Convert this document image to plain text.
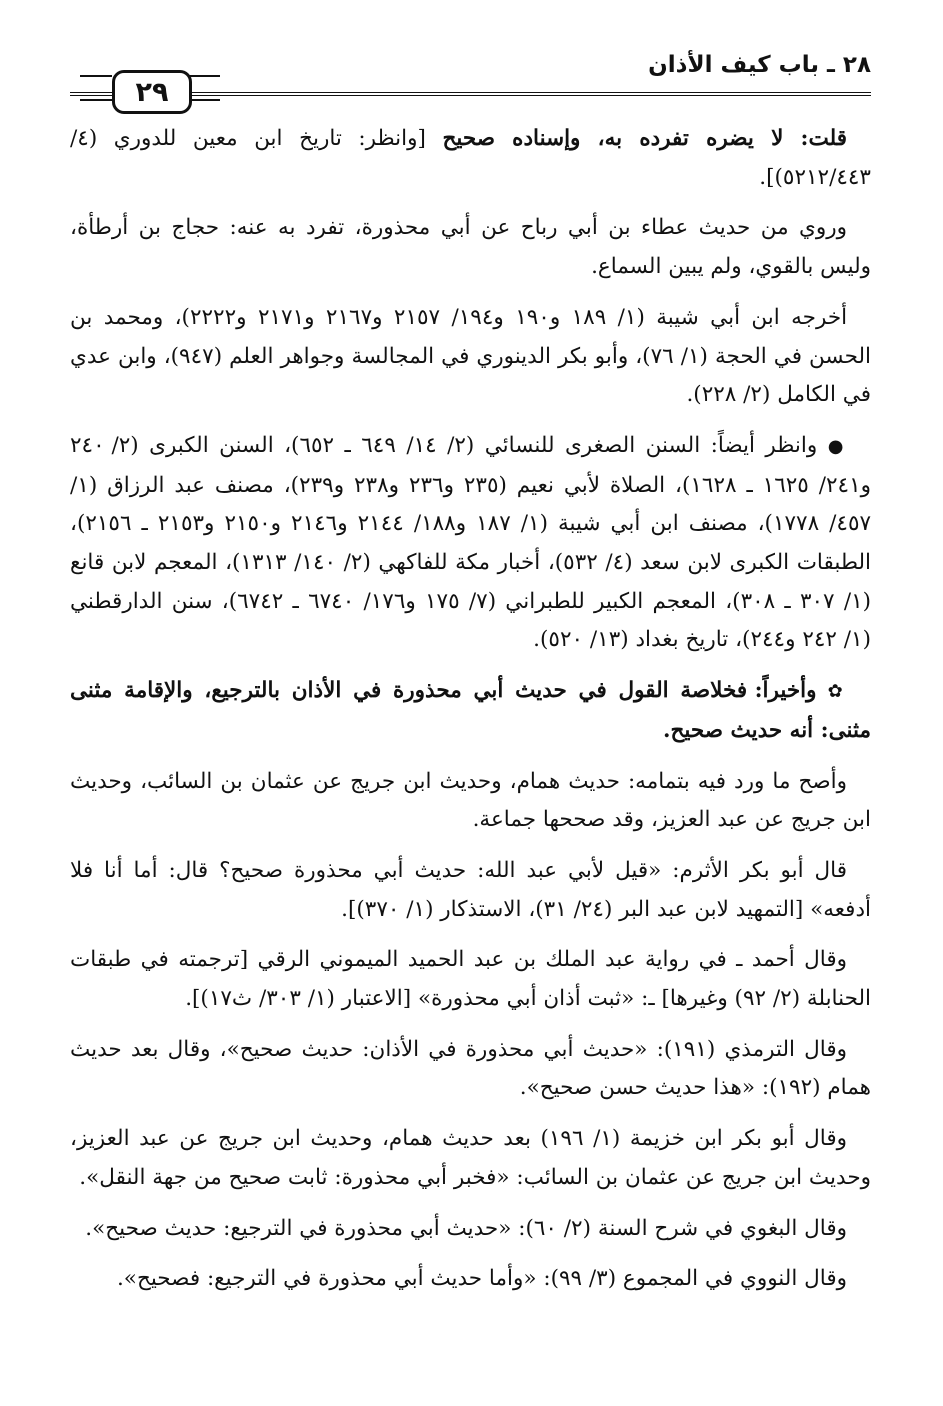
٢٨ ـ باب كيف الأذان
٢٩

قلت: لا يضره تفرده به، وإسناده صحيح [وانظر: تاريخ ابن معين للدوري (٤/ ٥٢١٢/٤٤٣)].

وروي من حديث عطاء بن أبي رباح عن أبي محذورة، تفرد به عنه: حجاج بن أرطأة، وليس بالقوي، ولم يبين السماع.

أخرجه ابن أبي شيبة (١/ ١٨٩ و١٩٠ و١٩٤/ ٢١٥٧ و٢١٦٧ و٢١٧١ و٢٢٢٢)، ومحمد بن الحسن في الحجة (١/ ٧٦)، وأبو بكر الدينوري في المجالسة وجواهر العلم (٩٤٧)، وابن عدي في الكامل (٢/ ٢٢٨).

● وانظر أيضاً: السنن الصغرى للنسائي (٢/ ١٤/ ٦٤٩ ـ ٦٥٢)، السنن الكبرى (٢/ ٢٤٠ و٢٤١/ ١٦٢٥ ـ ١٦٢٨)، الصلاة لأبي نعيم (٢٣٥ و٢٣٦ و٢٣٨ و٢٣٩)، مصنف عبد الرزاق (١/ ٤٥٧/ ١٧٧٨)، مصنف ابن أبي شيبة (١/ ١٨٧ و١٨٨/ ٢١٤٤ و٢١٤٦ و٢١٥٠ و٢١٥٣ ـ ٢١٥٦)، الطبقات الكبرى لابن سعد (٤/ ٥٣٢)، أخبار مكة للفاكهي (٢/ ١٤٠/ ١٣١٣)، المعجم لابن قانع (١/ ٣٠٧ ـ ٣٠٨)، المعجم الكبير للطبراني (٧/ ١٧٥ و١٧٦/ ٦٧٤٠ ـ ٦٧٤٢)، سنن الدارقطني (١/ ٢٤٢ و٢٤٤)، تاريخ بغداد (١٣/ ٥٢٠).

✿ وأخيراً: فخلاصة القول في حديث أبي محذورة في الأذان بالترجيع، والإقامة مثنى مثنى: أنه حديث صحيح.

وأصح ما ورد فيه بتمامه: حديث همام، وحديث ابن جريج عن عثمان بن السائب، وحديث ابن جريج عن عبد العزيز، وقد صححها جماعة.

قال أبو بكر الأثرم: «قيل لأبي عبد الله: حديث أبي محذورة صحيح؟ قال: أما أنا فلا أدفعه» [التمهيد لابن عبد البر (٢٤/ ٣١)، الاستذكار (١/ ٣٧٠)].

وقال أحمد ـ في رواية عبد الملك بن عبد الحميد الميموني الرقي [ترجمته في طبقات الحنابلة (٢/ ٩٢) وغيرها] ـ: «ثبت أذان أبي محذورة» [الاعتبار (١/ ٣٠٣/ ث١٧)].

وقال الترمذي (١٩١): «حديث أبي محذورة في الأذان: حديث صحيح»، وقال بعد حديث همام (١٩٢): «هذا حديث حسن صحيح».

وقال أبو بكر ابن خزيمة (١/ ١٩٦) بعد حديث همام، وحديث ابن جريج عن عبد العزيز، وحديث ابن جريج عن عثمان بن السائب: «فخبر أبي محذورة: ثابت صحيح من جهة النقل».

وقال البغوي في شرح السنة (٢/ ٦٠): «حديث أبي محذورة في الترجيع: حديث صحيح».

وقال النووي في المجموع (٣/ ٩٩): «وأما حديث أبي محذورة في الترجيع: فصحيح».
